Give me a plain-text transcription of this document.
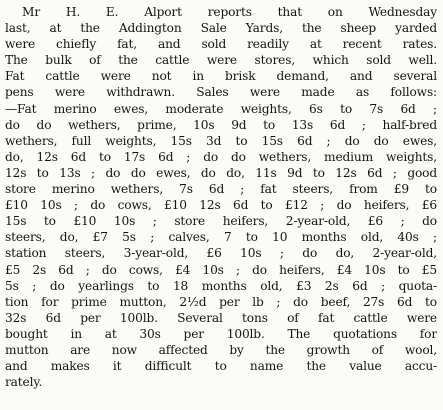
Mr H. E. Alport reports that on Wednesday
last, at the Addington Sale Yards, the sheep yarded
were chiefly fat, and sold readily at recent rates.
The bulk of the cattle were stores, which sold well.
Fat cattle were not in brisk demand, and several
pens were withdrawn. Sales were made as follows:
—Fat merino ewes, moderate weights, 6s to 7s 6d ;
do do wethers, prime, 10s 9d to 13s 6d ; half-bred
wethers, full weights, 15s 3d to 15s 6d ; do do ewes,
do, 12s 6d to 17s 6d ; do do wethers, medium weights,
12s to 13s ; do do ewes, do do, 11s 9d to 12s 6d ; good
store merino wethers, 7s 6d ; fat steers, from £9 to
£10 10s ; do cows, £10 12s 6d to £12 ; do heifers, £6
15s to £10 10s ; store heifers, 2-year-old, £6 ; do
steers, do, £7 5s ; calves, 7 to 10 months old, 40s ;
station steers, 3-year-old, £6 10s ; do do, 2-year-old,
£5 2s 6d ; do cows, £4 10s ; do heifers, £4 10s to £5
5s ; do yearlings to 18 months old, £3 2s 6d ; quota-
tion for prime mutton, 2½d per lb ; do beef, 27s 6d to
32s 6d per 100lb. Several tons of fat cattle were
bought in at 30s per 100lb. The quotations for
mutton are now affected by the growth of wool,
and makes it difficult to name the value accu-
rately.
